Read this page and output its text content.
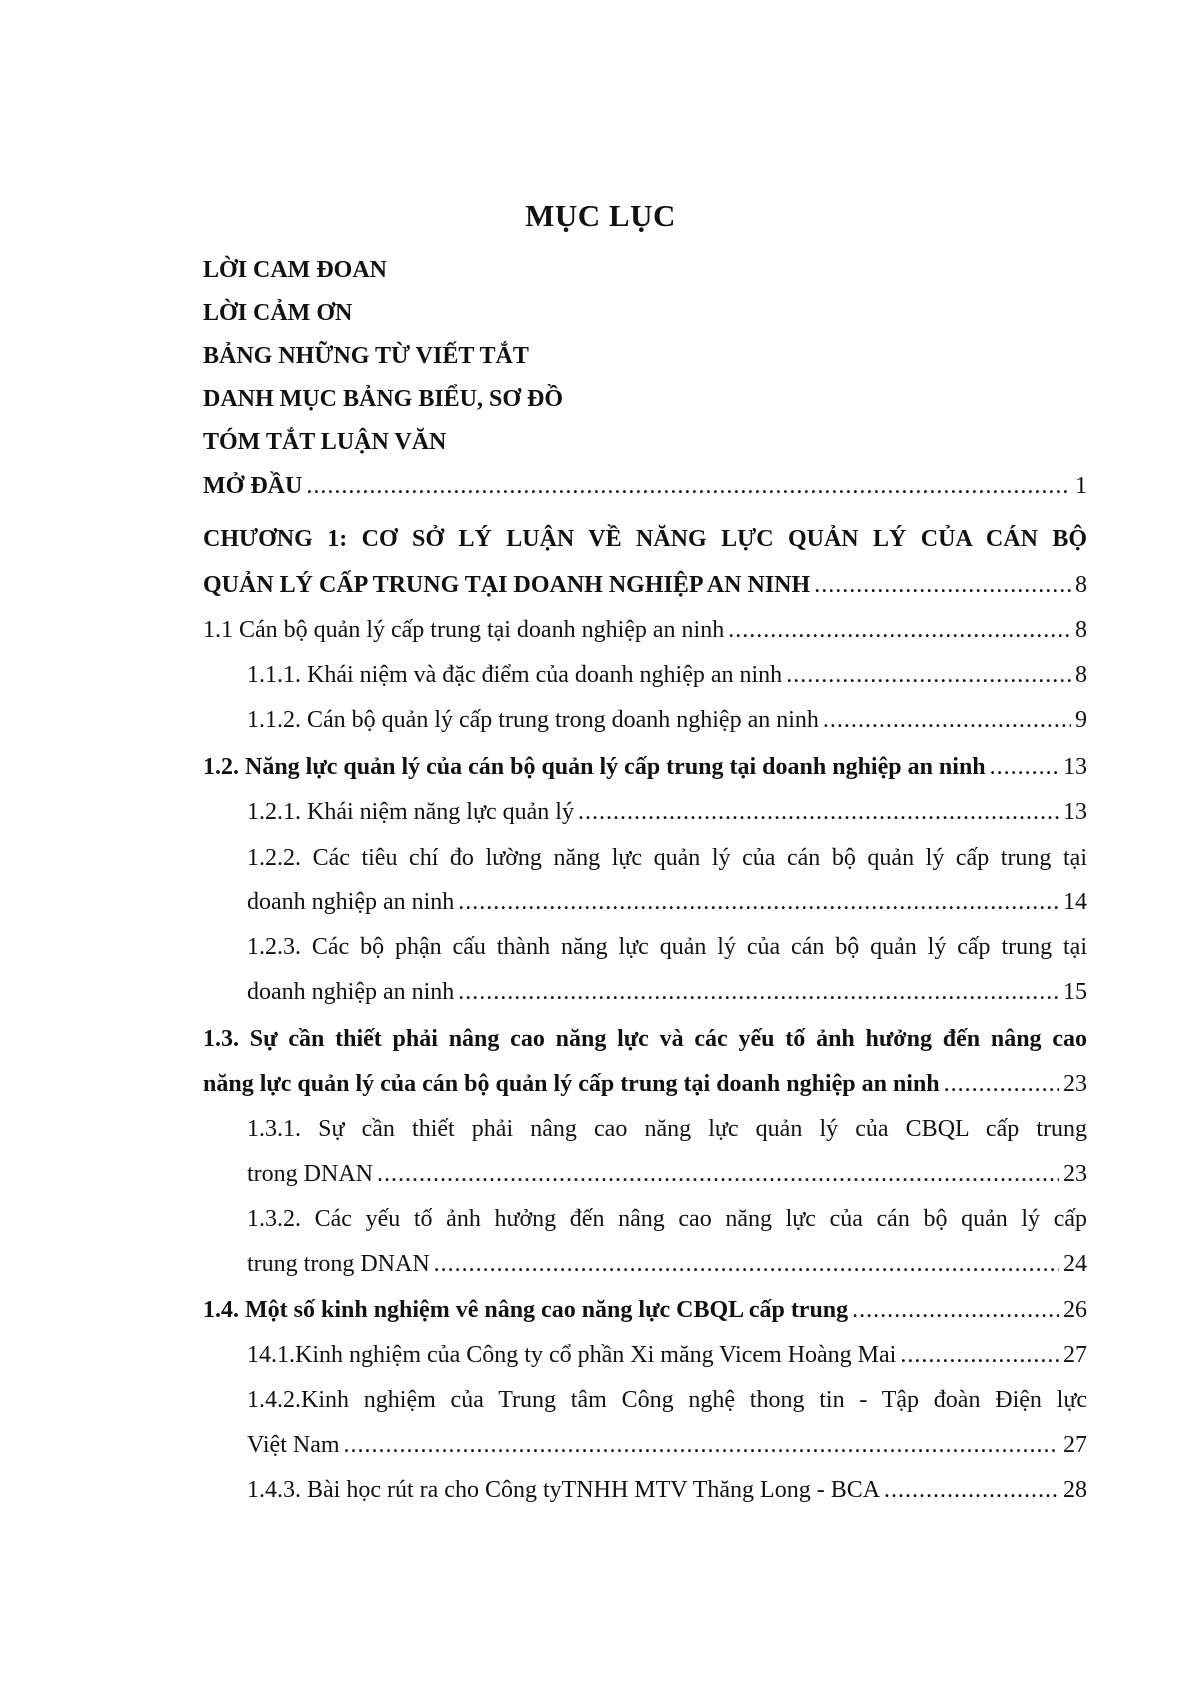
MỤC LỤC
LỜI CAM ĐOAN
LỜI CẢM ƠN
BẢNG NHỮNG TỪ VIẾT TẮT
DANH MỤC BẢNG BIỂU, SƠ ĐỒ
TÓM TẮT LUẬN VĂN
MỞ ĐẦU .....	1
CHƯƠNG 1: CƠ SỞ LÝ LUẬN VỀ NĂNG LỰC QUẢN LÝ CỦA CÁN BỘ
QUẢN LÝ CẤP TRUNG TẠI DOANH NGHIỆP AN NINH .....	8
1.1 Cán bộ quản lý cấp trung tại doanh nghiệp an ninh .....	8
1.1.1. Khái niệm và đặc điểm của doanh nghiệp an ninh .....	8
1.1.2. Cán bộ quản lý cấp trung trong doanh nghiệp an ninh .....	9
1.2. Năng lực quản lý của cán bộ quản lý cấp trung tại doanh nghiệp an ninh .....	13
1.2.1. Khái niệm năng lực quản lý .....	13
1.2.2. Các tiêu chí đo lường năng lực quản lý của cán bộ quản lý cấp trung tại
doanh nghiệp an ninh .....	14
1.2.3. Các bộ phận cấu thành năng lực quản lý của cán bộ quản lý cấp trung tại
doanh nghiệp an ninh .....	15
1.3. Sự cần thiết phải nâng cao năng lực và các yếu tố ảnh hưởng đến nâng cao
năng lực quản lý của cán bộ quản lý cấp trung tại doanh nghiệp an ninh .....	23
1.3.1. Sự cần thiết phải nâng cao năng lực quản lý của CBQL cấp trung
trong DNAN .....	23
1.3.2. Các yếu tố ảnh hưởng đến nâng cao năng lực của cán bộ quản lý cấp
trung trong DNAN .....	24
1.4. Một số kinh nghiệm vê nâng cao năng lực CBQL cấp trung .....	26
14.1.Kinh nghiệm của Công ty cổ phần Xi măng Vicem Hoàng Mai .....	27
1.4.2.Kinh nghiệm của Trung tâm Công nghệ thong tin - Tập đoàn Điện lực
Việt Nam .....	27
1.4.3. Bài học rút ra cho Công tyTNHH MTV Thăng Long - BCA .....	28
